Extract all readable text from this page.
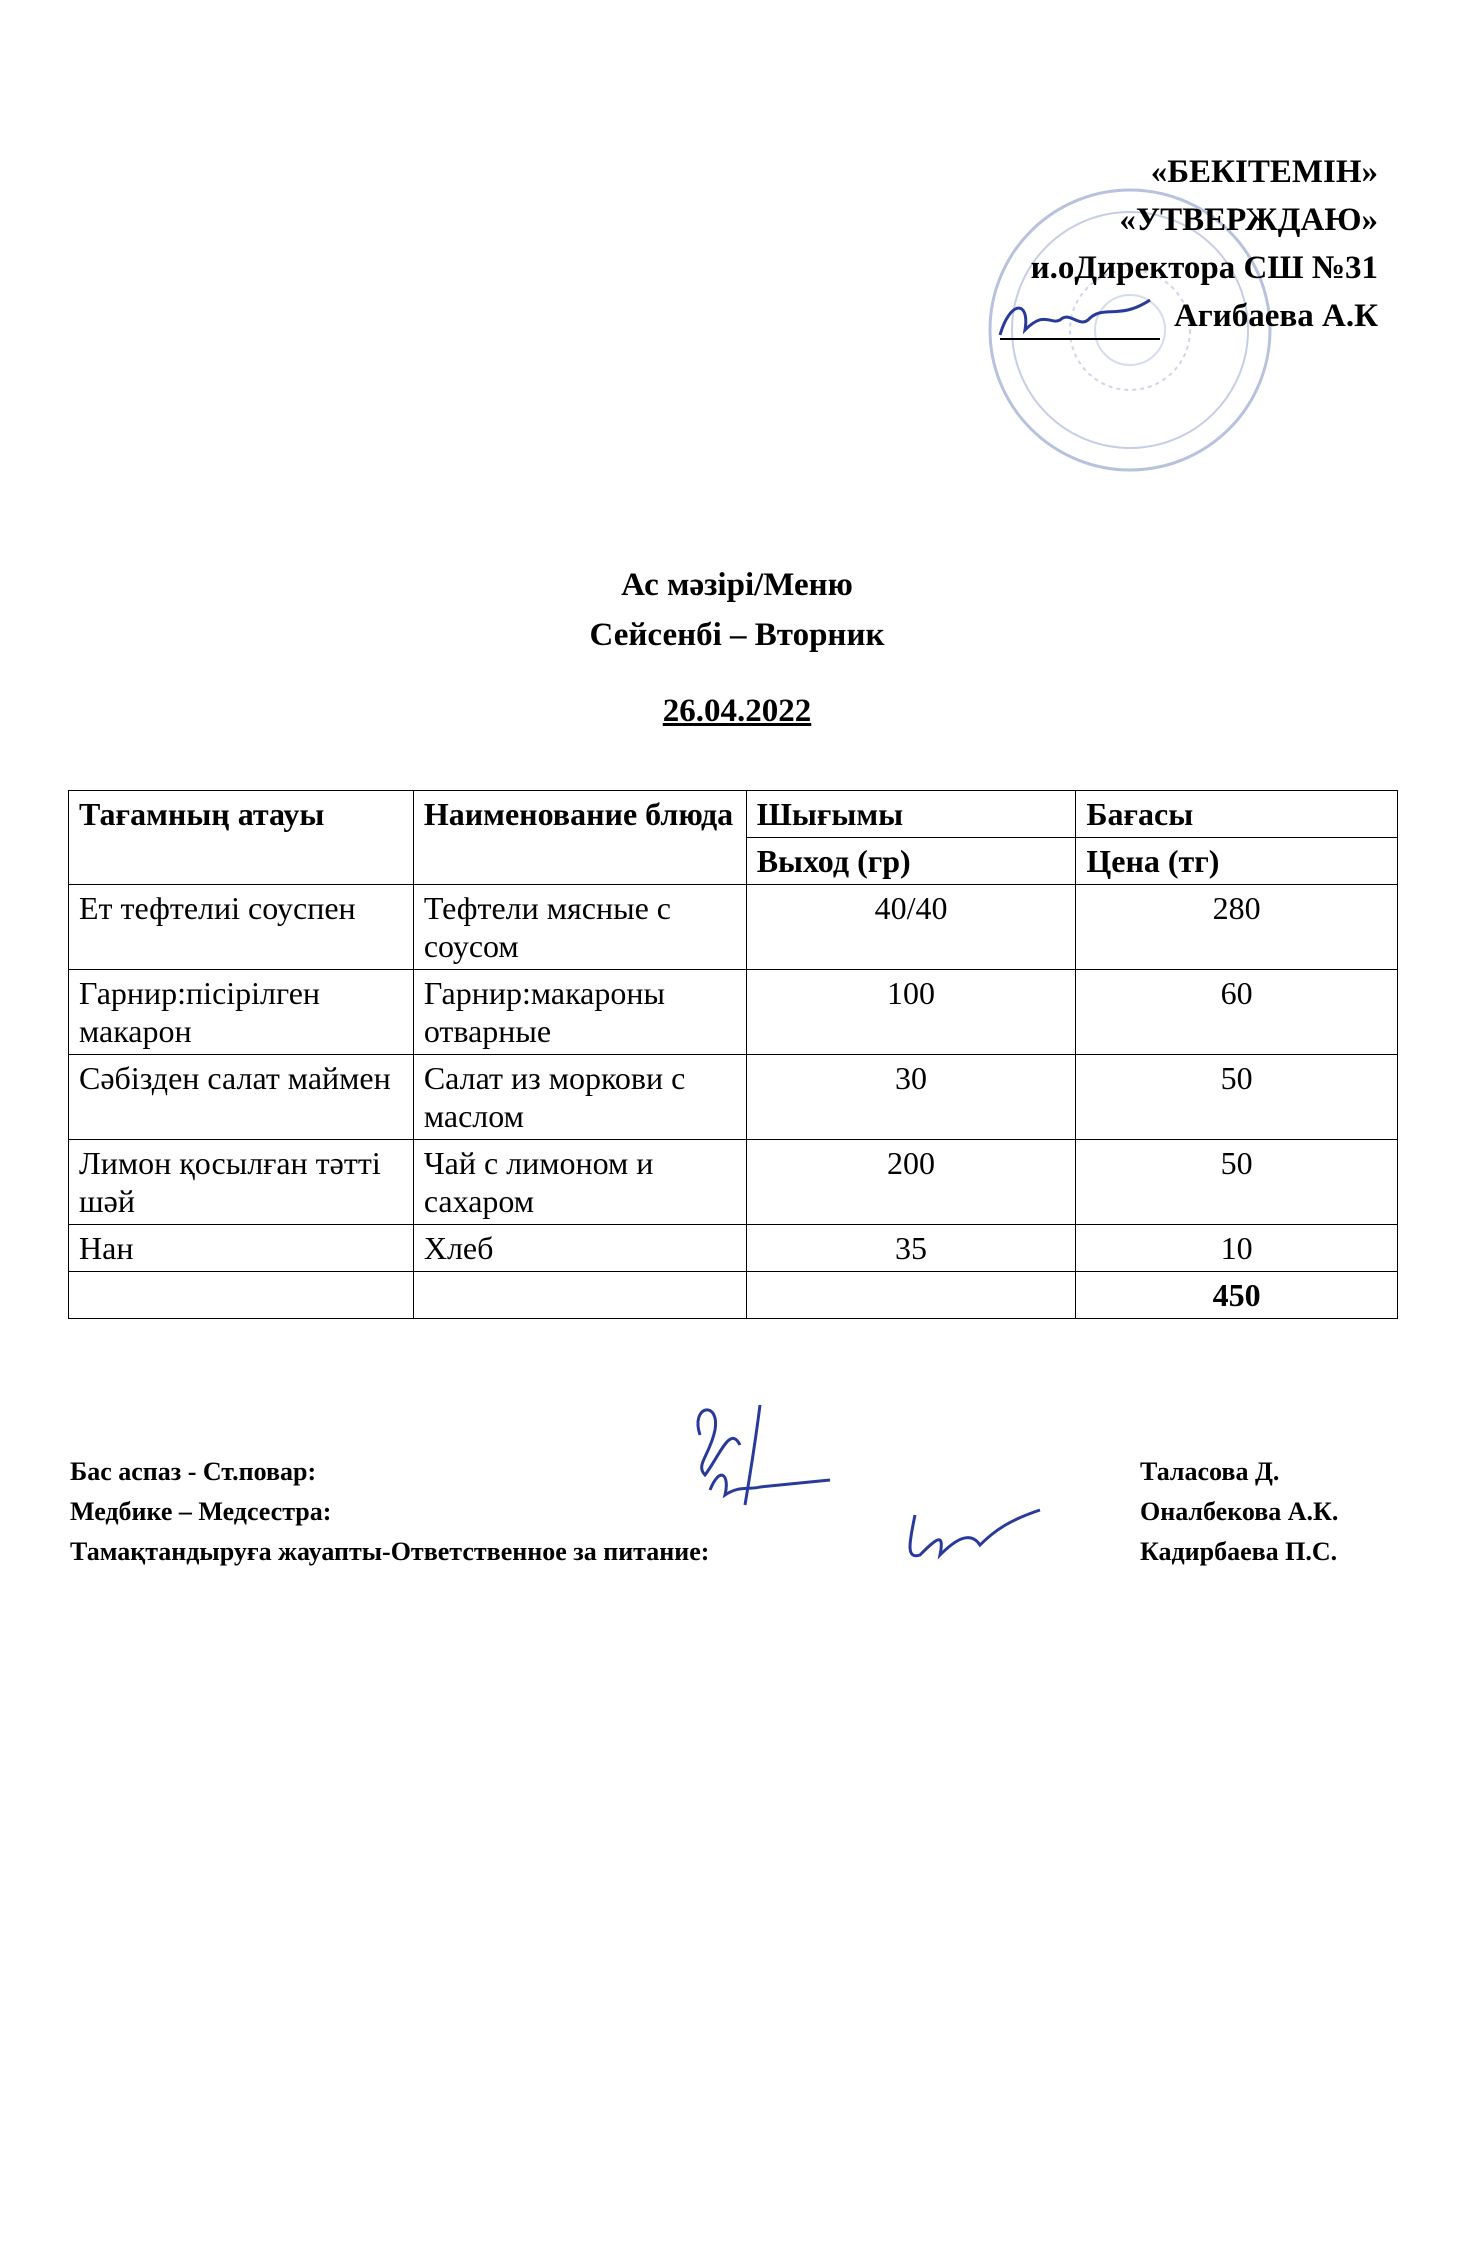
«БЕКІТЕМІН»
«УТВЕРЖДАЮ»
и.оДиректора СШ №31
Агибаева А.К
Ас мәзірі/Меню
Сейсенбі – Вторник
26.04.2022
Тағамның атауы	Наименование блюда	Шығымы	Бағасы
		Выход (гр)	Цена (тг)
Ет тефтелиі соуспен	Тефтели мясные с соусом	40/40	280
Гарнир:пісірілген макарон	Гарнир:макароны отварные	100	60
Сәбізден салат маймен	Салат из моркови с маслом	30	50
Лимон қосылған тәтті шәй	Чай с лимоном и сахаром	200	50
Нан	Хлеб	35	10
			450
Бас аспаз - Ст.повар:	Таласова Д.
Медбике – Медсестра:	Оналбекова А.К.
Тамақтандыруға жауапты-Ответственное за питание:	Кадирбаева П.С.
